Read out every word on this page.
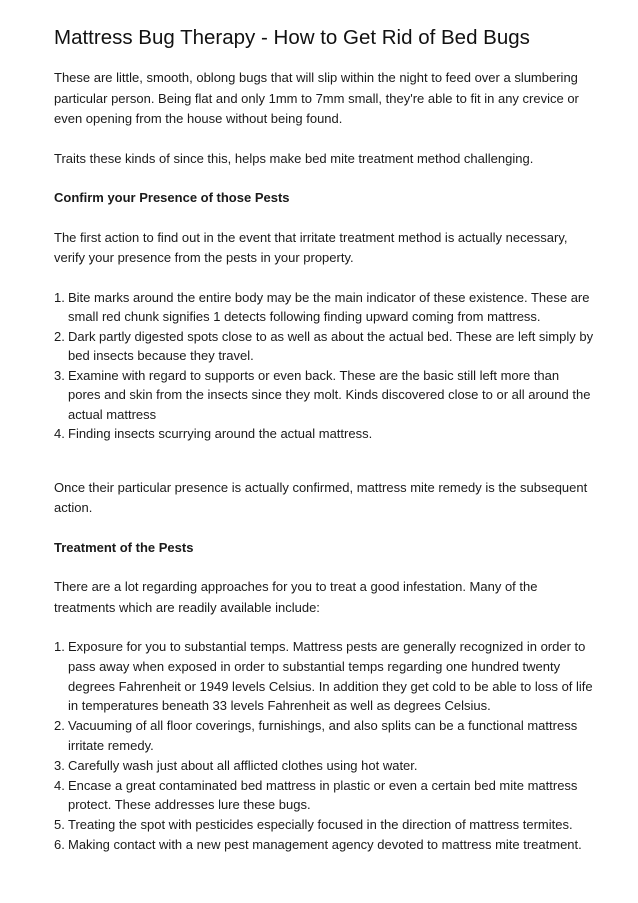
Mattress Bug Therapy - How to Get Rid of Bed Bugs

These are little, smooth, oblong bugs that will slip within the night to feed over a slumbering particular person. Being flat and only 1mm to 7mm small, they're able to fit in any crevice or even opening from the house without being found.

Traits these kinds of since this, helps make bed mite treatment method challenging.

Confirm your Presence of those Pests

The first action to find out in the event that irritate treatment method is actually necessary, verify your presence from the pests in your property.

1. Bite marks around the entire body may be the main indicator of these existence. These are small red chunk signifies 1 detects following finding upward coming from mattress.
2. Dark partly digested spots close to as well as about the actual bed. These are left simply by bed insects because they travel.
3. Examine with regard to supports or even back. These are the basic still left more than pores and skin from the insects since they molt. Kinds discovered close to or all around the actual mattress
4. Finding insects scurrying around the actual mattress.

Once their particular presence is actually confirmed, mattress mite remedy is the subsequent action.

Treatment of the Pests

There are a lot regarding approaches for you to treat a good infestation. Many of the treatments which are readily available include:

1. Exposure for you to substantial temps. Mattress pests are generally recognized in order to pass away when exposed in order to substantial temps regarding one hundred twenty degrees Fahrenheit or 1949 levels Celsius. In addition they get cold to be able to loss of life in temperatures beneath 33 levels Fahrenheit as well as degrees Celsius.
2. Vacuuming of all floor coverings, furnishings, and also splits can be a functional mattress irritate remedy.
3. Carefully wash just about all afflicted clothes using hot water.
4. Encase a great contaminated bed mattress in plastic or even a certain bed mite mattress protect. These addresses lure these bugs.
5. Treating the spot with pesticides especially focused in the direction of mattress termites.
6. Making contact with a new pest management agency devoted to mattress mite treatment.
